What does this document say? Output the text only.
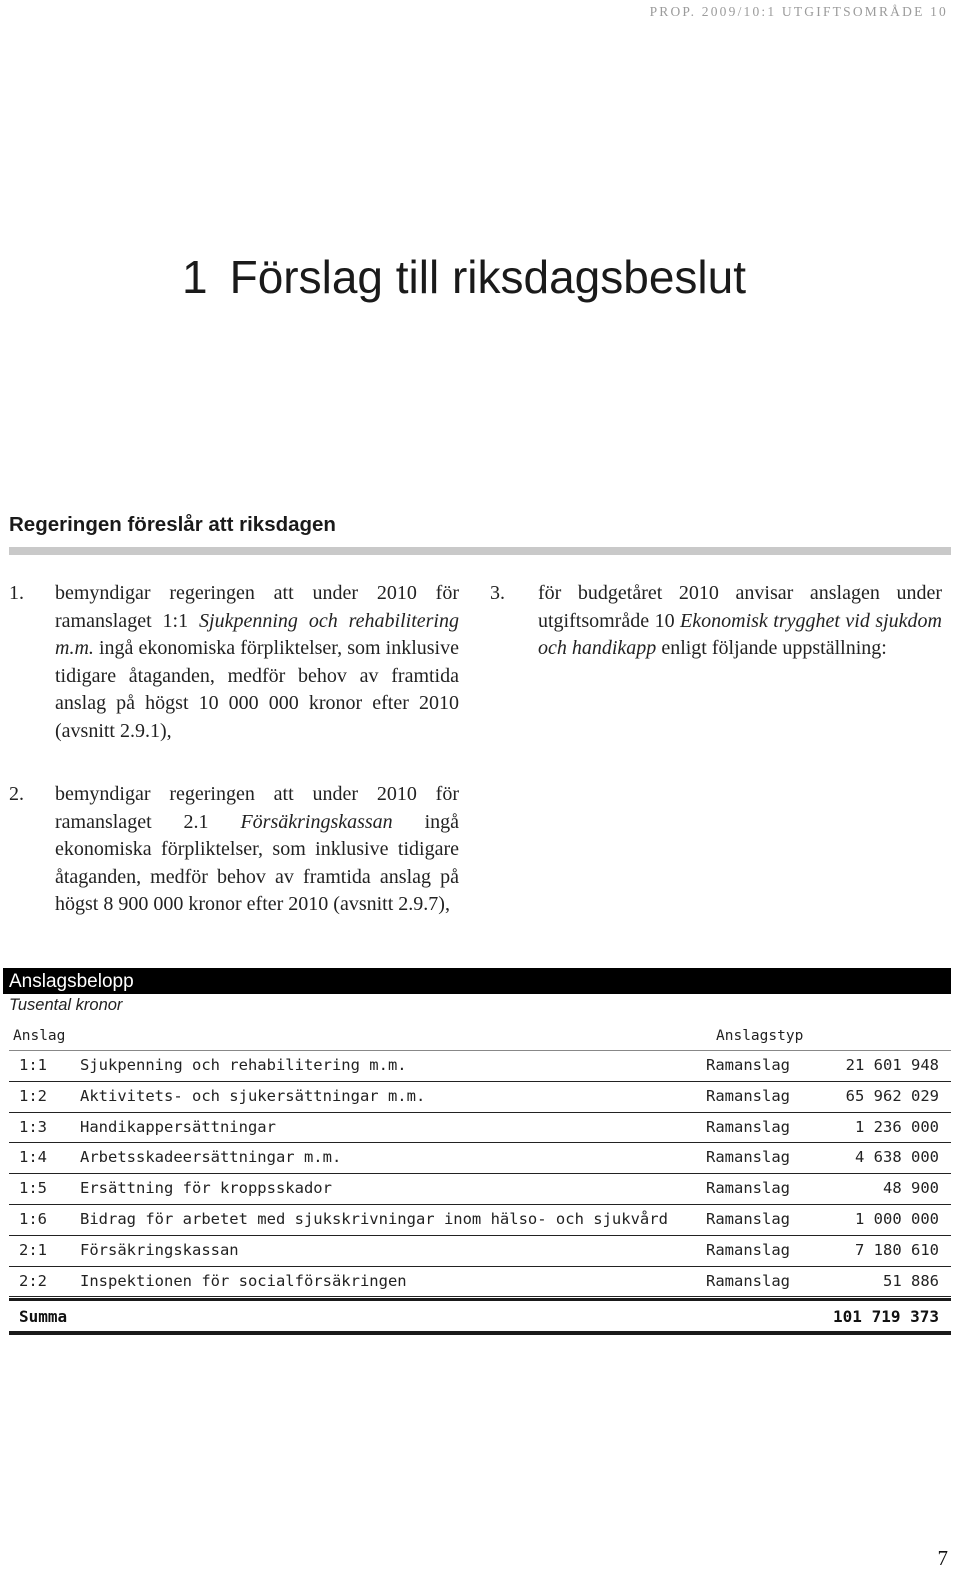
PROP. 2009/10:1 UTGIFTSOMRÅDE 10
1 Förslag till riksdagsbeslut
Regeringen föreslår att riksdagen
1. bemyndigar regeringen att under 2010 för ramanslaget 1:1 Sjukpenning och rehabilitering m.m. ingå ekonomiska förpliktelser, som inklusive tidigare åtaganden, medför behov av framtida anslag på högst 10 000 000 kronor efter 2010 (avsnitt 2.9.1),
2. bemyndigar regeringen att under 2010 för ramanslaget 2.1 Försäkringskassan ingå ekonomiska förpliktelser, som inklusive tidigare åtaganden, medför behov av framtida anslag på högst 8 900 000 kronor efter 2010 (avsnitt 2.9.7),
3. för budgetåret 2010 anvisar anslagen under utgiftsområde 10 Ekonomisk trygghet vid sjukdom och handikapp enligt följande uppställning:
Anslagsbelopp
Tusental kronor
Anslag	Anslagstyp
1:1 Sjukpenning och rehabilitering m.m.	Ramanslag	21 601 948
1:2 Aktivitets- och sjukersättningar m.m.	Ramanslag	65 962 029
1:3 Handikappersättningar	Ramanslag	1 236 000
1:4 Arbetsskadeersättningar m.m.	Ramanslag	4 638 000
1:5 Ersättning för kroppsskador	Ramanslag	48 900
1:6 Bidrag för arbetet med sjukskrivningar inom hälso- och sjukvård Ramanslag	1 000 000
2:1 Försäkringskassan	Ramanslag	7 180 610
2:2 Inspektionen för socialförsäkringen	Ramanslag	51 886
Summa	101 719 373
7
